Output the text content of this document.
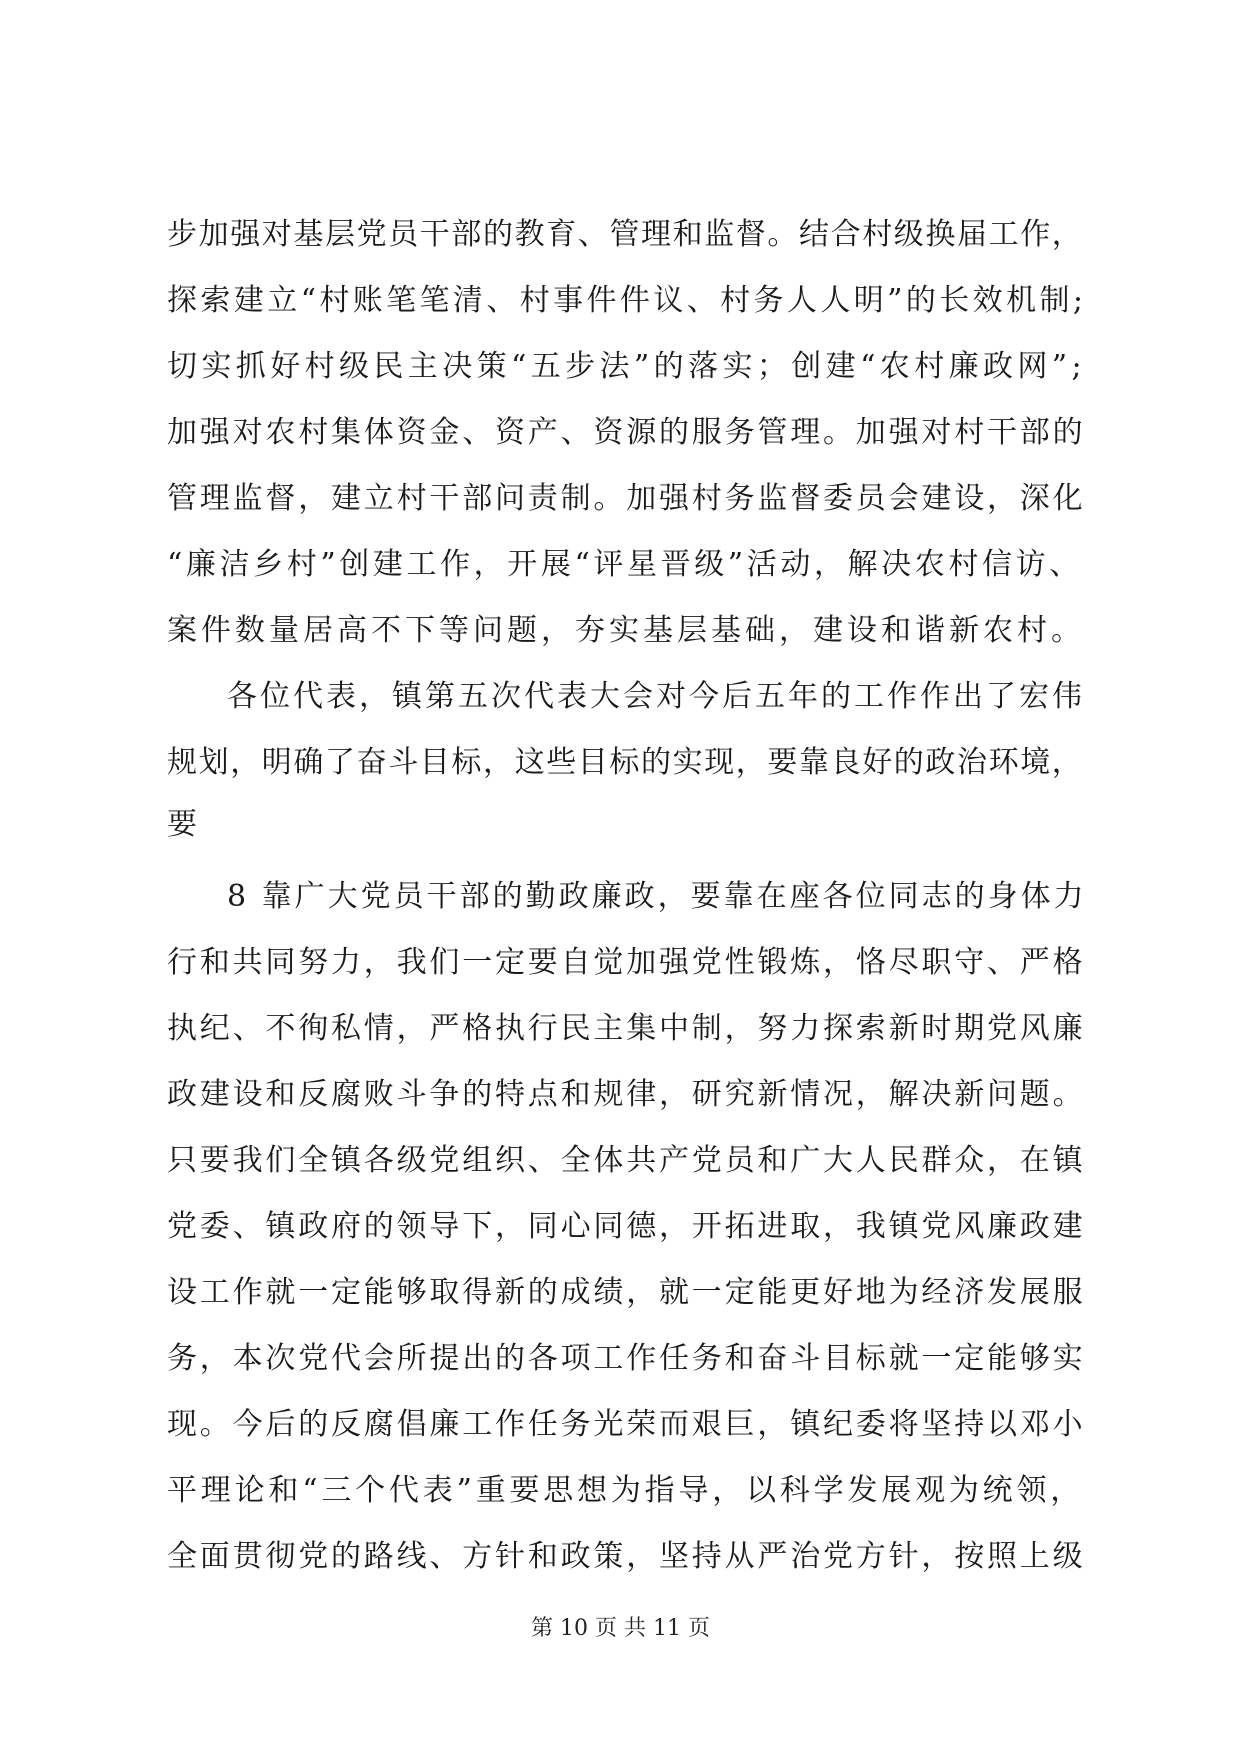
步加强对基层党员干部的教育、管理和监督。结合村级换届工作，
探索建立“村账笔笔清、村事件件议、村务人人明”的长效机制;
切实抓好村级民主决策“五步法”的落实；创建“农村廉政网”;
加强对农村集体资金、资产、资源的服务管理。加强对村干部的
管理监督，建立村干部问责制。加强村务监督委员会建设，深化
“廉洁乡村”创建工作，开展“评星晋级”活动，解决农村信访、
案件数量居高不下等问题，夯实基层基础，建设和谐新农村。
各位代表，镇第五次代表大会对今后五年的工作作出了宏伟
规划，明确了奋斗目标，这些目标的实现，要靠良好的政治环境，
要
8 靠广大党员干部的勤政廉政，要靠在座各位同志的身体力
行和共同努力，我们一定要自觉加强党性锻炼，恪尽职守、严格
执纪、不徇私情，严格执行民主集中制，努力探索新时期党风廉
政建设和反腐败斗争的特点和规律，研究新情况，解决新问题。
只要我们全镇各级党组织、全体共产党员和广大人民群众，在镇
党委、镇政府的领导下，同心同德，开拓进取，我镇党风廉政建
设工作就一定能够取得新的成绩，就一定能更好地为经济发展服
务，本次党代会所提出的各项工作任务和奋斗目标就一定能够实
现。今后的反腐倡廉工作任务光荣而艰巨，镇纪委将坚持以邓小
平理论和“三个代表”重要思想为指导，以科学发展观为统领，
全面贯彻党的路线、方针和政策，坚持从严治党方针，按照上级
第 10 页 共 11 页
